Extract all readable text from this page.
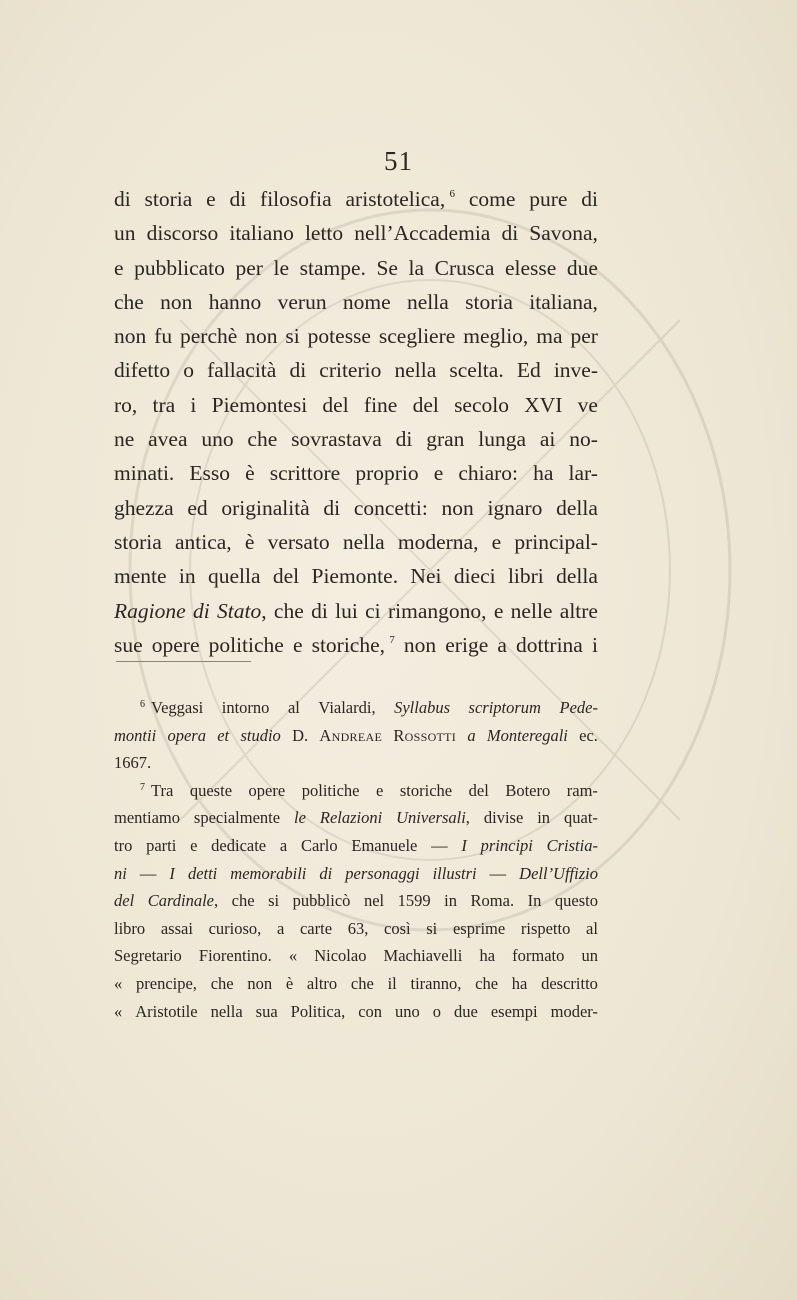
51
di storia e di filosofia aristotelica,  $^6$ come pure di
un discorso italiano letto nell’Accademia di Savona,
e pubblicato per le stampe. Se la Crusca elesse due
che non hanno verun nome nella storia italiana,
non fu perchè non si potesse scegliere meglio, ma per
difetto o fallacità di criterio nella scelta. Ed inve-
ro, tra i Piemontesi del fine del secolo XVI ve
ne avea uno che sovrastava di gran lunga ai no-
minati. Esso è scrittore proprio e chiaro: ha lar-
ghezza ed originalità di concetti: non ignaro della
storia antica, è versato nella moderna, e principal-
mente in quella del Piemonte. Nei dieci libri della
Ragione di Stato, che di lui ci rimangono, e nelle altre
sue opere politiche e storiche,  $^7$ non erige a dottrina i
$^6$ Veggasi intorno al Vialardi, Syllabus scriptorum Pede-
montii opera et studio D. Andreae Rossotti a Monteregali ec.
1667.
$^7$ Tra queste opere politiche e storiche del Botero ram-
mentiamo specialmente le Relazioni Universali, divise in quat-
tro parti e dedicate a Carlo Emanuele — I principi Cristia-
ni — I detti memorabili di personaggi illustri — Dell’Uffizio
del Cardinale, che si pubblicò nel 1599 in Roma. In questo
libro assai curioso, a carte 63, così si esprime rispetto al
Segretario Fiorentino. « Nicolao Machiavelli ha formato un
« prencipe, che non è altro che il tiranno, che ha descritto
« Aristotile nella sua Politica, con uno o due esempi moder-
